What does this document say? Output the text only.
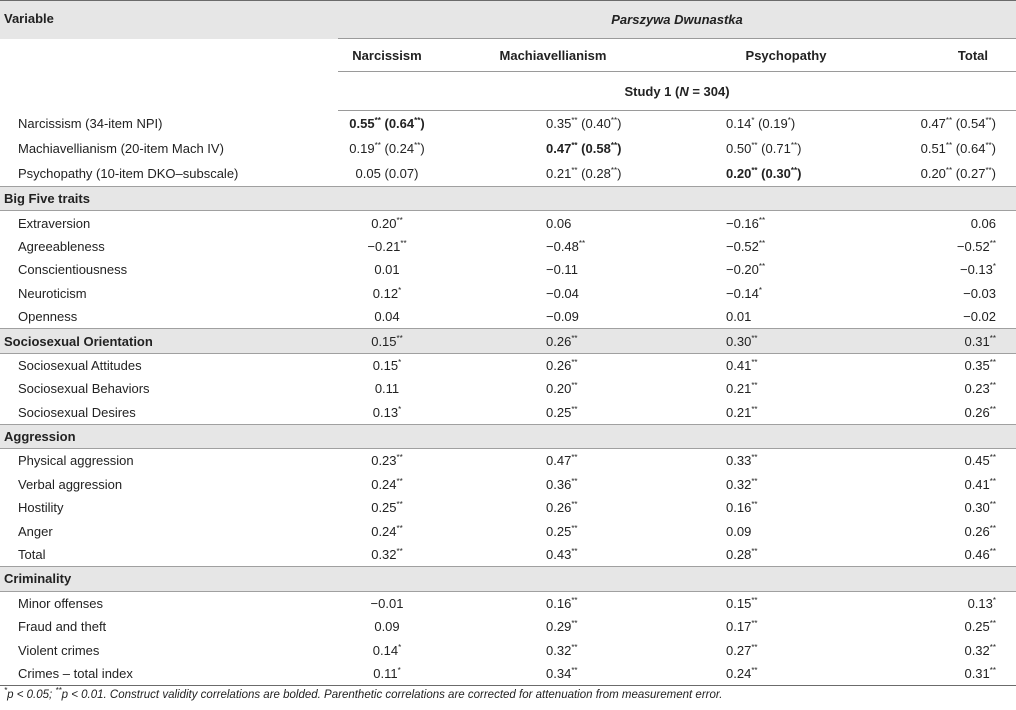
Variable	Parszywa Dwunastka			
	Narcissism	Machiavellianism	Psychopathy	Total
	Study 1 (N = 304)			
Narcissism (34-item NPI)	0.55** (0.64**)	0.35** (0.40**)	0.14* (0.19*)	0.47** (0.54**)
Machiavellianism (20-item Mach IV)	0.19** (0.24**)	0.47** (0.58**)	0.50** (0.71**)	0.51** (0.64**)
Psychopathy (10-item DKO–subscale)	0.05 (0.07)	0.21** (0.28**)	0.20** (0.30**)	0.20** (0.27**)
Big Five traits				
Extraversion	0.20**	0.06	−0.16**	0.06
Agreeableness	−0.21**	−0.48**	−0.52**	−0.52**
Conscientiousness	0.01	−0.11	−0.20**	−0.13*
Neuroticism	0.12*	−0.04	−0.14*	−0.03
Openness	0.04	−0.09	0.01	−0.02
Sociosexual Orientation	0.15**	0.26**	0.30**	0.31**
Sociosexual Attitudes	0.15*	0.26**	0.41**	0.35**
Sociosexual Behaviors	0.11	0.20**	0.21**	0.23**
Sociosexual Desires	0.13*	0.25**	0.21**	0.26**
Aggression				
Physical aggression	0.23**	0.47**	0.33**	0.45**
Verbal aggression	0.24**	0.36**	0.32**	0.41**
Hostility	0.25**	0.26**	0.16**	0.30**
Anger	0.24**	0.25**	0.09	0.26**
Total	0.32**	0.43**	0.28**	0.46**
Criminality				
Minor offenses	−0.01	0.16**	0.15**	0.13*
Fraud and theft	0.09	0.29**	0.17**	0.25**
Violent crimes	0.14*	0.32**	0.27**	0.32**
Crimes – total index	0.11*	0.34**	0.24**	0.31**
*p < 0.05; **p < 0.01. Construct validity correlations are bolded. Parenthetic correlations are corrected for attenuation from measurement error.
